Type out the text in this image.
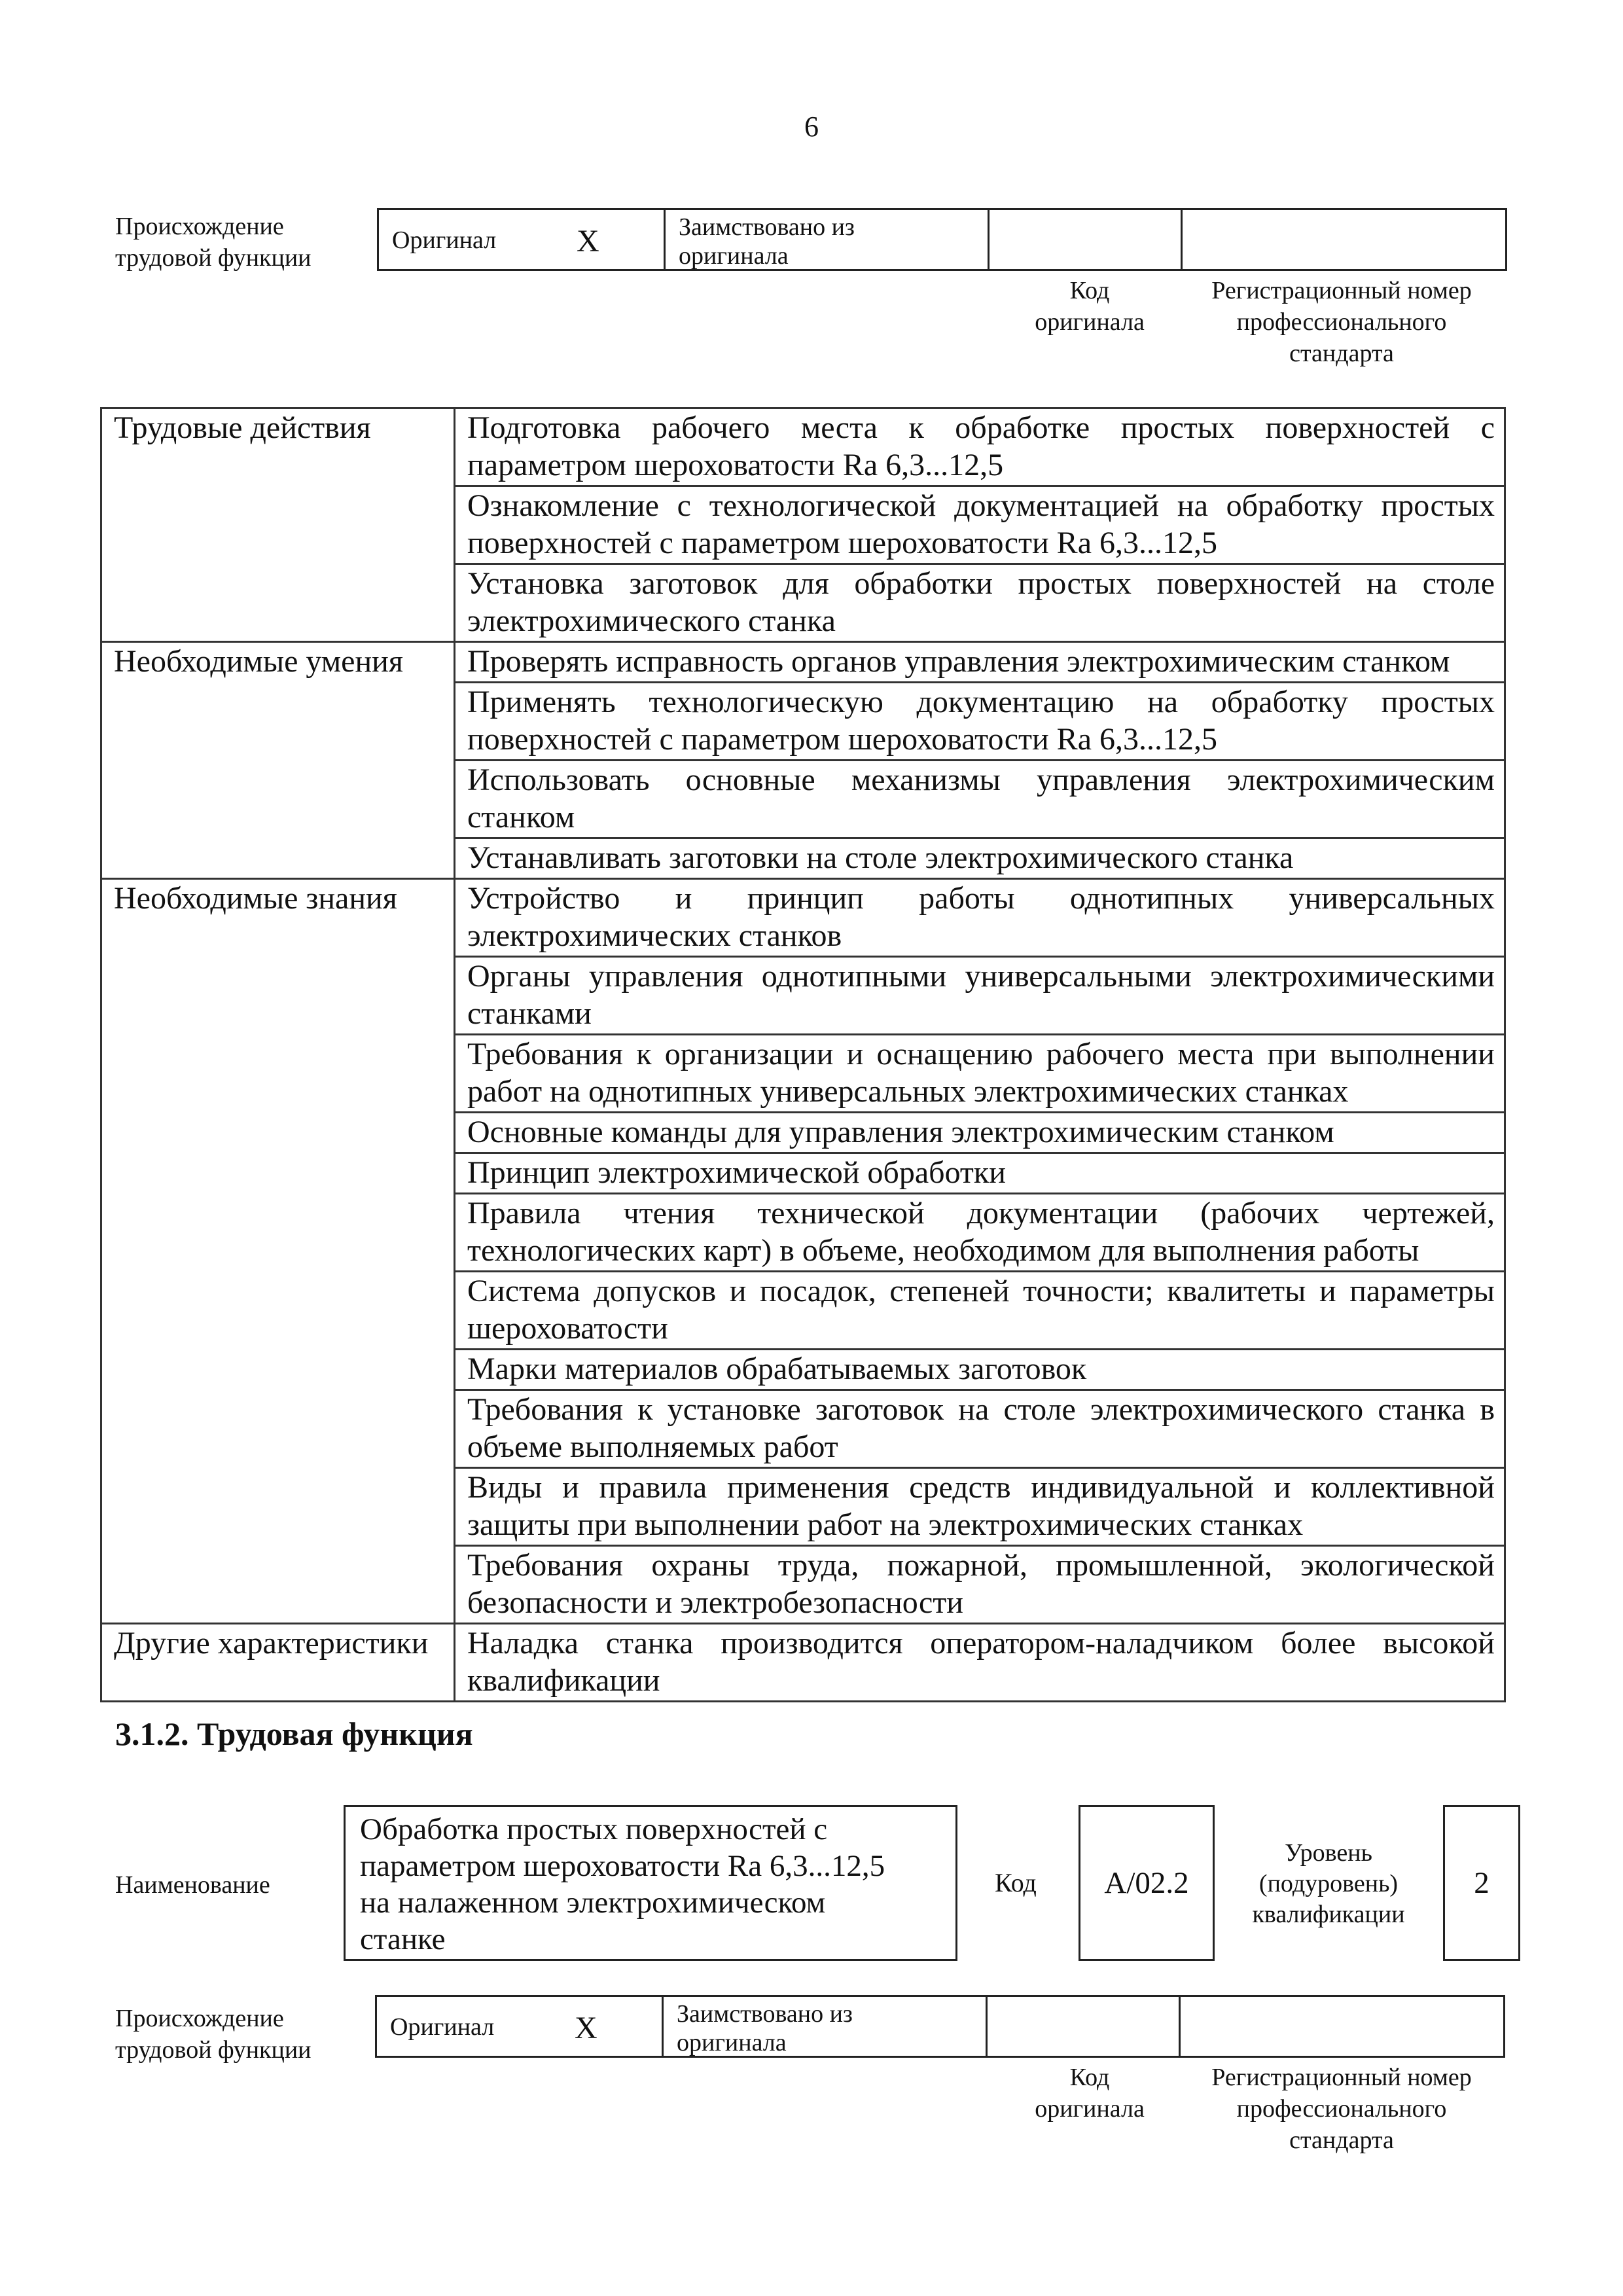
6
Происхождение
трудовой функции
Оригинал	X	Заимствовано из
оригинала
Код
оригинала
Регистрационный номер
профессионального
стандарта
Трудовые действия	Подготовка рабочего места к обработке простых поверхностей с параметром шероховатости Ra 6,3...12,5
	Ознакомление с технологической документацией на обработку простых поверхностей с параметром шероховатости Ra 6,3...12,5
	Установка заготовок для обработки простых поверхностей на столе электрохимического станка
Необходимые умения	Проверять исправность органов управления электрохимическим станком
	Применять технологическую документацию на обработку простых поверхностей с параметром шероховатости Ra 6,3...12,5
	Использовать основные механизмы управления электрохимическим станком
	Устанавливать заготовки на столе электрохимического станка
Необходимые знания	Устройство и принцип работы однотипных универсальных электрохимических станков
	Органы управления однотипными универсальными электрохимическими станками
	Требования к организации и оснащению рабочего места при выполнении работ на однотипных универсальных электрохимических станках
	Основные команды для управления электрохимическим станком
	Принцип электрохимической обработки
	Правила чтения технической документации (рабочих чертежей, технологических карт) в объеме, необходимом для выполнения работы
	Система допусков и посадок, степеней точности; квалитеты и параметры шероховатости
	Марки материалов обрабатываемых заготовок
	Требования к установке заготовок на столе электрохимического станка в объеме выполняемых работ
	Виды и правила применения средств индивидуальной и коллективной защиты при выполнении работ на электрохимических станках
	Требования охраны труда, пожарной, промышленной, экологической безопасности и электробезопасности
Другие характеристики	Наладка станка производится оператором-наладчиком более высокой квалификации
3.1.2. Трудовая функция
Наименование
Обработка простых поверхностей с
параметром шероховатости Ra 6,3...12,5
на налаженном электрохимическом
станке
Код	A/02.2
Уровень
(подуровень)
квалификации
2
Происхождение
трудовой функции
Оригинал	X	Заимствовано из
оригинала
Код
оригинала
Регистрационный номер
профессионального
стандарта
